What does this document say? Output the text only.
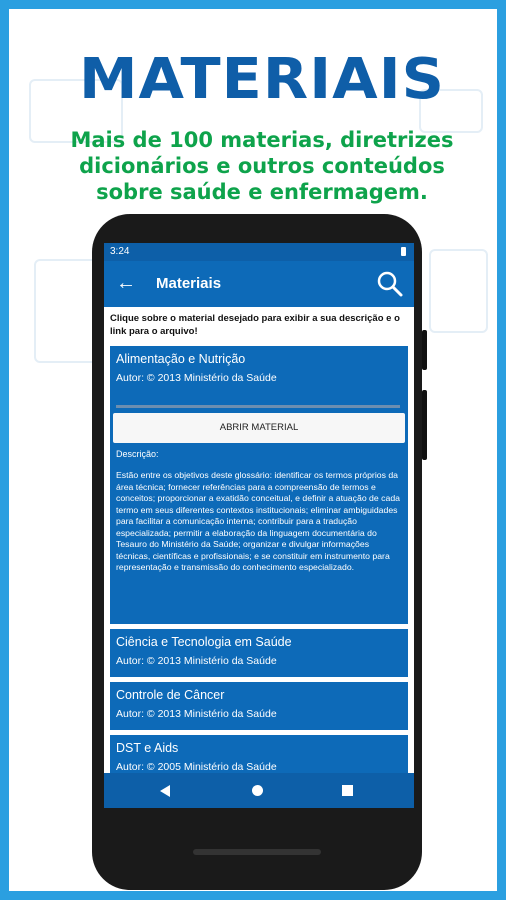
MATERIAIS
Mais de 100 materias, diretrizes
dicionários e outros conteúdos
sobre saúde e enfermagem.
3:24
← Materiais
Clique sobre o material desejado para exibir a sua descrição e o link para o arquivo!
Alimentação e Nutrição
Autor: © 2013 Ministério da Saúde
ABRIR MATERIAL
Descrição:
Estão entre os objetivos deste glossário: identificar os termos próprios da área técnica; fornecer referências para a compreensão de termos e conceitos; proporcionar a exatidão conceitual, e definir a atuação de cada termo em seus diferentes contextos institucionais; eliminar ambiguidades para facilitar a comunicação interna; contribuir para a tradução especializada; permitir a elaboração da linguagem documentária do Tesauro do Ministério da Saúde; organizar e divulgar informações técnicas, científicas e profissionais; e se constituir em instrumento para representação e transmissão do conhecimento especializado.
Ciência e Tecnologia em Saúde
Autor: © 2013 Ministério da Saúde
Controle de Câncer
Autor: © 2013 Ministério da Saúde
DST e Aids
Autor: © 2005 Ministério da Saúde
